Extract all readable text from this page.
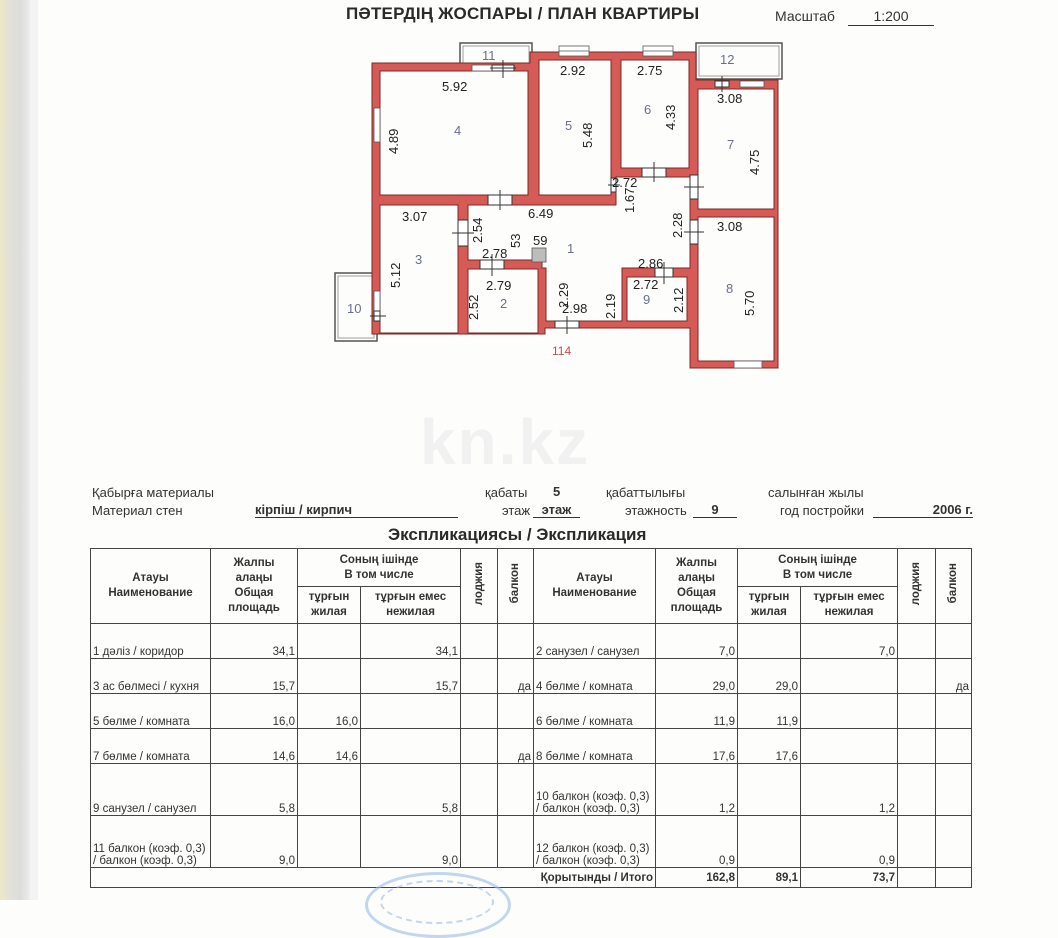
ПӘТЕРДІҢ ЖОСПАРЫ / ПЛАН КВАРТИРЫ	Масштаб	1:200
4	5
6
7
8
3
2
1
9
10
11	12
114
5.92
2.92	2.75
3.08
3.07	6.49
2.72
3.08
2.86
2.72
2.78
2.79
59
2.98
4.89	5.48
4.33
4.75
5.70
5.12
2.54
2.52
53
2.29 2.19	2.12
2.28
1.67
kn.kz
Қабырға материалы
Материал стен	кірпіш / кирпич
қабаты 5
этаж этаж
қабаттылығы
этажность	9
салынған жылы
год постройки	2006 г.
Экспликациясы / Экспликация
Атауы
Наименование	Жалпы
алаңы
Общая
площадь	Соның ішінде
В том числе		лоджия	балкон	Атауы
Наименование	Жалпы
алаңы
Общая
площадь	Соның ішінде
В том числе		лоджия	балкон
		тұрғын
жилая	тұрғын емес
нежилая					тұрғын
жилая	тұрғын емес
нежилая		
1 дәліз / коридор	34,1		34,1			2 санузел / санузел	7,0		7,0		
3 ас бөлмесі / кухня	15,7		15,7		да	4 бөлме / комната	29,0	29,0			да
5 бөлме / комната	16,0	16,0				6 бөлме / комната	11,9	11,9			
7 бөлме / комната	14,6	14,6			да	8 бөлме / комната	17,6	17,6			
9 санузел / санузел	5,8		5,8			10 балкон (коэф. 0,3) / балкон (коэф. 0,3)	1,2		1,2		
11 балкон (коэф. 0,3) / балкон (коэф. 0,3)	9,0		9,0			12 балкон (коэф. 0,3) / балкон (коэф. 0,3)	0,9		0,9		
Қорытынды / Итого							162,8	89,1	73,7		
